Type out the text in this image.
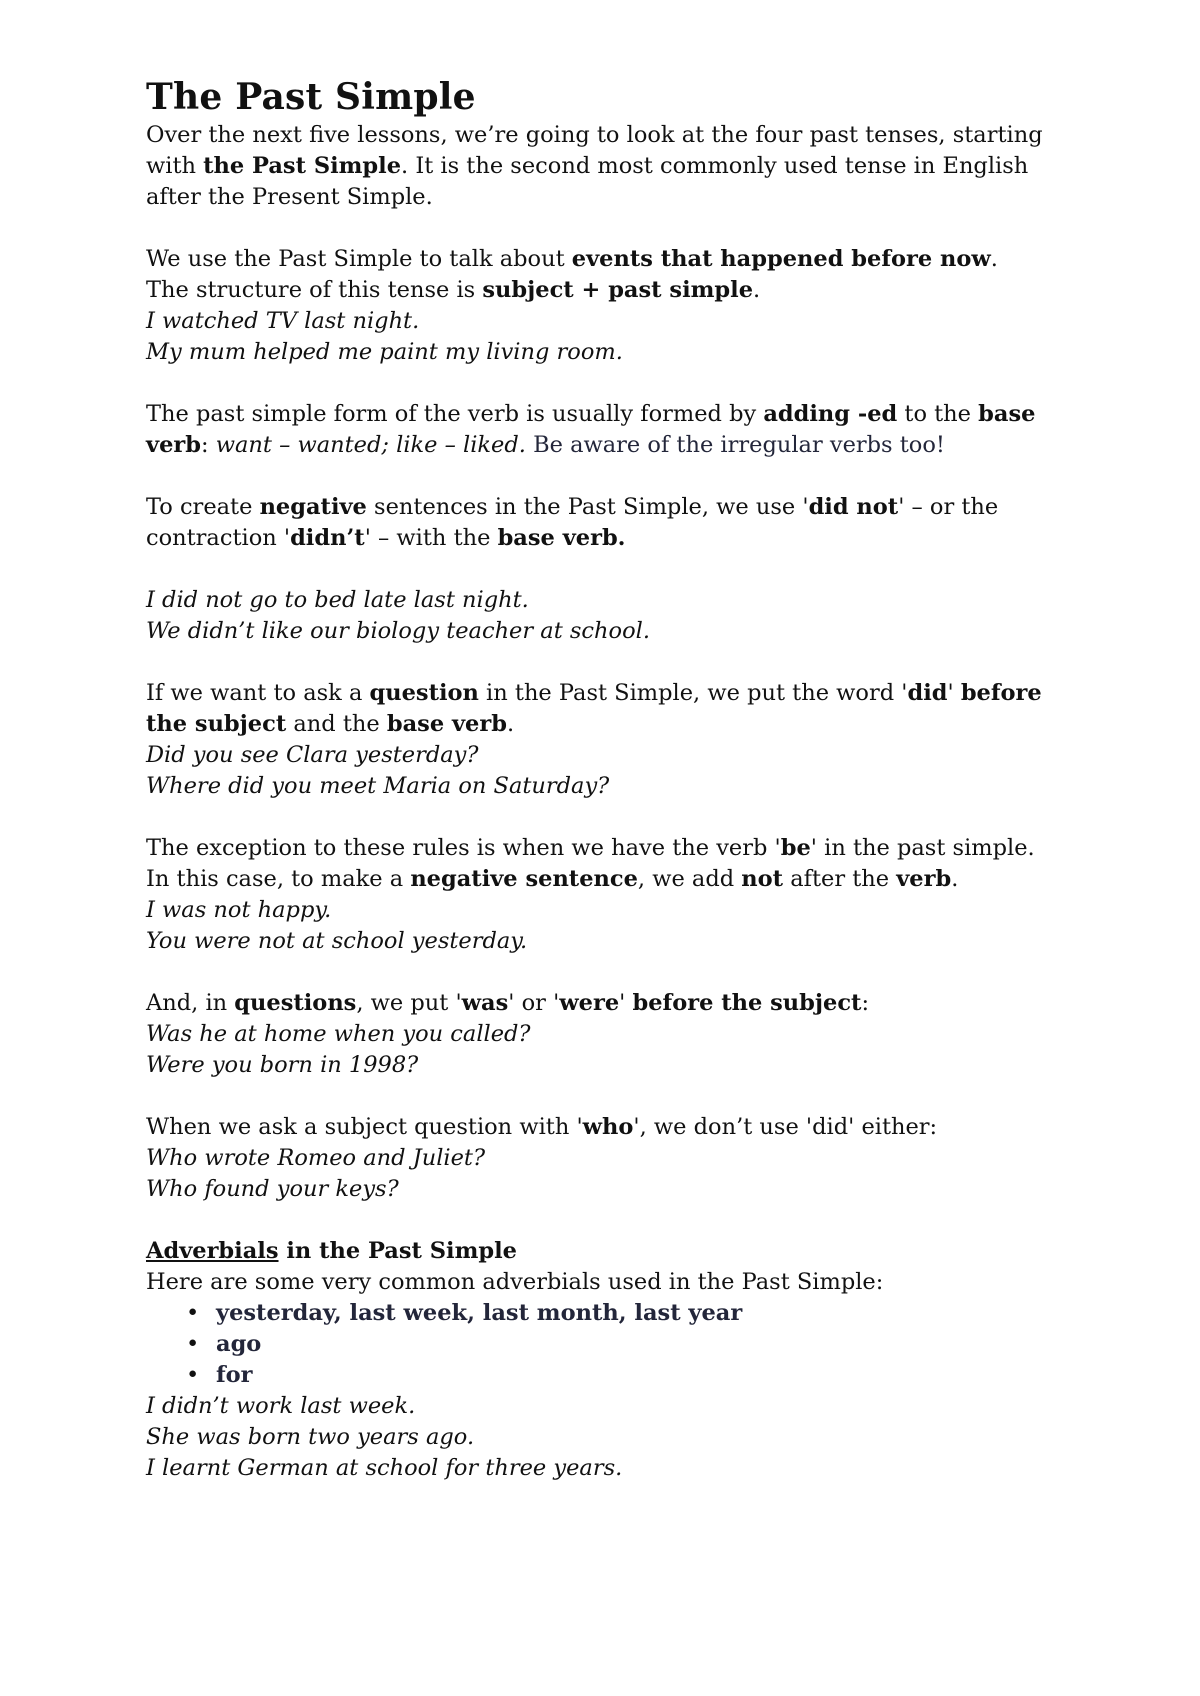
The Past Simple

Over the next five lessons, we’re going to look at the four past tenses, starting with the Past Simple. It is the second most commonly used tense in English after the Present Simple.

We use the Past Simple to talk about events that happened before now.

The structure of this tense is subject + past simple.

I watched TV last night.
My mum helped me paint my living room.

The past simple form of the verb is usually formed by adding -ed to the base verb: want – wanted; like – liked. Be aware of the irregular verbs too!

To create negative sentences in the Past Simple, we use 'did not' – or the contraction 'didn’t' – with the base verb.

I did not go to bed late last night.
We didn’t like our biology teacher at school.

If we want to ask a question in the Past Simple, we put the word 'did' before the subject and the base verb.

Did you see Clara yesterday?
Where did you meet Maria on Saturday?

The exception to these rules is when we have the verb 'be' in the past simple.

In this case, to make a negative sentence, we add not after the verb.

I was not happy.
You were not at school yesterday.

And, in questions, we put 'was' or 'were' before the subject:

Was he at home when you called?
Were you born in 1998?

When we ask a subject question with 'who', we don’t use 'did' either:

Who wrote Romeo and Juliet?
Who found your keys?
Adverbials in the Past Simple

Here are some very common adverbials used in the Past Simple:

• yesterday, last week, last month, last year
• ago
• for
I didn’t work last week.
She was born two years ago.
I learnt German at school for three years.
